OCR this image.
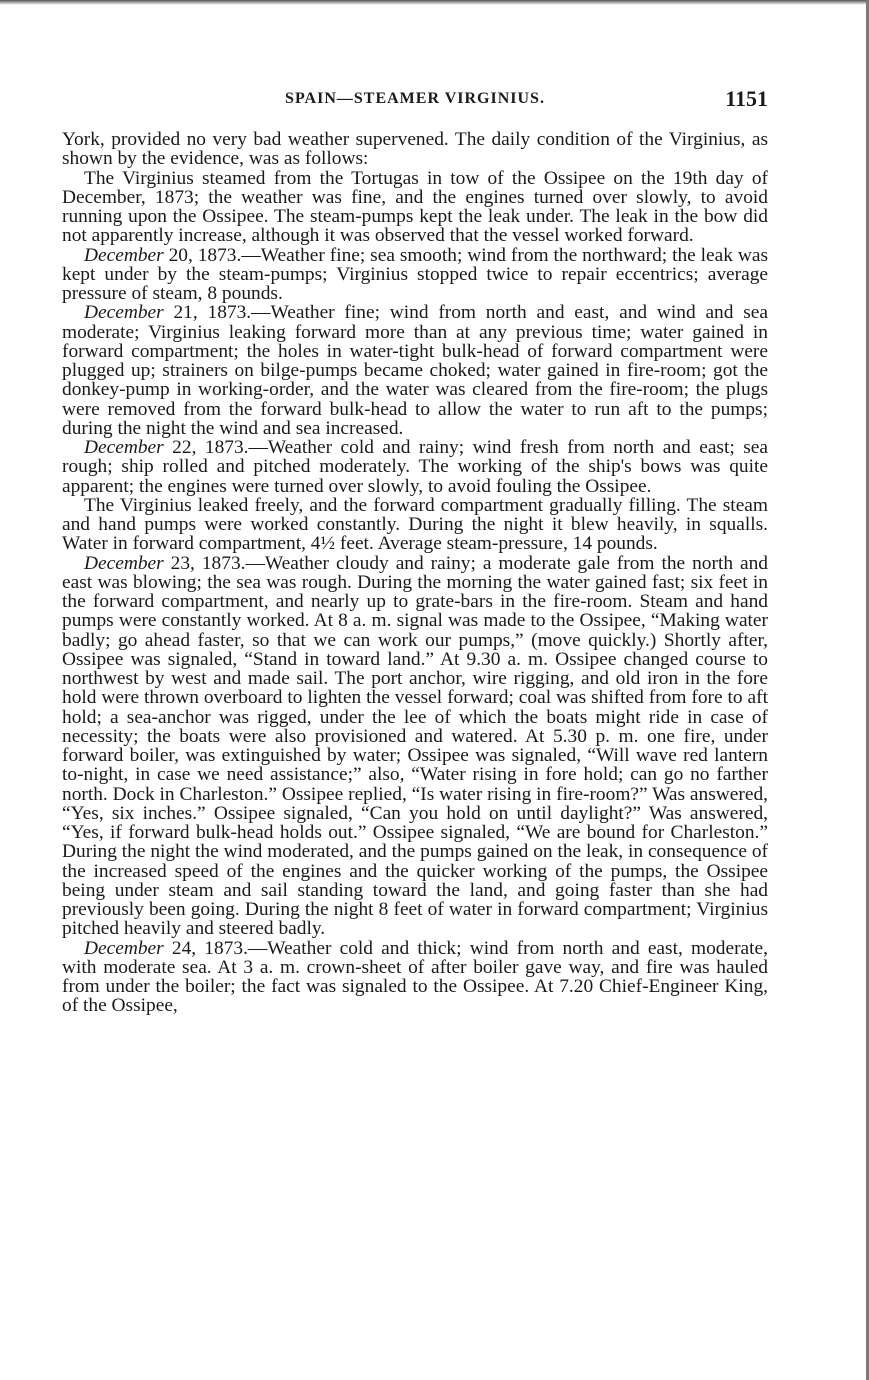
SPAIN—STEAMER VIRGINIUS.	1151

York, provided no very bad weather supervened. The daily condition of the Virginius, as shown by the evidence, was as follows:

The Virginius steamed from the Tortugas in tow of the Ossipee on the 19th day of December, 1873; the weather was fine, and the engines turned over slowly, to avoid running upon the Ossipee. The steam-pumps kept the leak under. The leak in the bow did not apparently increase, although it was observed that the vessel worked forward.

December 20, 1873.—Weather fine; sea smooth; wind from the northward; the leak was kept under by the steam-pumps; Virginius stopped twice to repair eccentrics; average pressure of steam, 8 pounds.

December 21, 1873.—Weather fine; wind from north and east, and wind and sea moderate; Virginius leaking forward more than at any previous time; water gained in forward compartment; the holes in water-tight bulk-head of forward compartment were plugged up; strainers on bilge-pumps became choked; water gained in fire-room; got the donkey-pump in working-order, and the water was cleared from the fire-room; the plugs were removed from the forward bulk-head to allow the water to run aft to the pumps; during the night the wind and sea increased.

December 22, 1873.—Weather cold and rainy; wind fresh from north and east; sea rough; ship rolled and pitched moderately. The working of the ship's bows was quite apparent; the engines were turned over slowly, to avoid fouling the Ossipee.

The Virginius leaked freely, and the forward compartment gradually filling. The steam and hand pumps were worked constantly. During the night it blew heavily, in squalls. Water in forward compartment, 4½ feet. Average steam-pressure, 14 pounds.

December 23, 1873.—Weather cloudy and rainy; a moderate gale from the north and east was blowing; the sea was rough. During the morning the water gained fast; six feet in the forward compartment, and nearly up to grate-bars in the fire-room. Steam and hand pumps were constantly worked. At 8 a. m. signal was made to the Ossipee, “Making water badly; go ahead faster, so that we can work our pumps,” (move quickly.) Shortly after, Ossipee was signaled, “Stand in toward land.” At 9.30 a. m. Ossipee changed course to northwest by west and made sail. The port anchor, wire rigging, and old iron in the fore hold were thrown overboard to lighten the vessel forward; coal was shifted from fore to aft hold; a sea-anchor was rigged, under the lee of which the boats might ride in case of necessity; the boats were also provisioned and watered. At 5.30 p. m. one fire, under forward boiler, was extinguished by water; Ossipee was signaled, “Will wave red lantern to-night, in case we need assistance;” also, “Water rising in fore hold; can go no farther north. Dock in Charleston.” Ossipee replied, “Is water rising in fire-room?” Was answered, “Yes, six inches.” Ossipee signaled, “Can you hold on until daylight?” Was answered, “Yes, if forward bulk-head holds out.” Ossipee signaled, “We are bound for Charleston.” During the night the wind moderated, and the pumps gained on the leak, in consequence of the increased speed of the engines and the quicker working of the pumps, the Ossipee being under steam and sail standing toward the land, and going faster than she had previously been going. During the night 8 feet of water in forward compartment; Virginius pitched heavily and steered badly.

December 24, 1873.—Weather cold and thick; wind from north and east, moderate, with moderate sea. At 3 a. m. crown-sheet of after boiler gave way, and fire was hauled from under the boiler; the fact was signaled to the Ossipee. At 7.20 Chief-Engineer King, of the Ossipee,
